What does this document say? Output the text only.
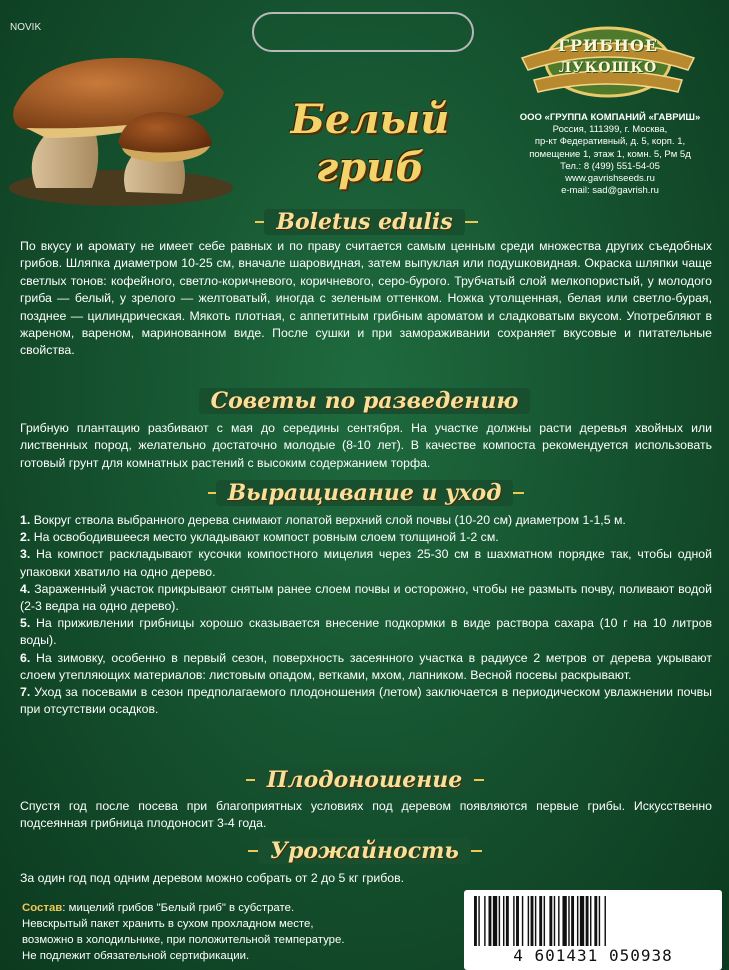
NOVIK
Белый
гриб
ГРИБНОЕ
ЛУКОШКО
ООО «ГРУППА КОМПАНИЙ «ГАВРИШ»
Россия, 111399, г. Москва,
пр-кт Федеративный, д. 5, корп. 1,
помещение 1, этаж 1, комн. 5, Рм 5д
Тел.: 8 (499) 551-54-05
www.gavrishseeds.ru
e-mail: sad@gavrish.ru
Boletus edulis
По вкусу и аромату не имеет себе равных и по праву считается самым ценным среди множества других съедобных грибов. Шляпка диаметром 10-25 см, вначале шаровидная, затем выпуклая или подушковидная. Окраска шляпки чаще светлых тонов: кофейного, светло-коричневого, коричневого, серо-бурого. Трубчатый слой мелкопористый, у молодого гриба — белый, у зрелого — желтоватый, иногда с зеленым оттенком. Ножка утолщенная, белая или светло-бурая, позднее — цилиндрическая. Мякоть плотная, с аппетитным грибным ароматом и сладковатым вкусом. Употребляют в жареном, вареном, маринованном виде. После сушки и при замораживании сохраняет вкусовые и питательные свойства.
Советы по разведению
Грибную плантацию разбивают с мая до середины сентября. На участке должны расти деревья хвойных или лиственных пород, желательно достаточно молодые (8-10 лет). В качестве компоста рекомендуется использовать готовый грунт для комнатных растений с высоким содержанием торфа.
Выращивание и уход
1. Вокруг ствола выбранного дерева снимают лопатой верхний слой почвы (10-20 см) диаметром 1-1,5 м.
2. На освободившееся место укладывают компост ровным слоем толщиной 1-2 см.
3. На компост раскладывают кусочки компостного мицелия через 25-30 см в шахматном порядке так, чтобы одной упаковки хватило на одно дерево.
4. Зараженный участок прикрывают снятым ранее слоем почвы и осторожно, чтобы не размыть почву, поливают водой (2-3 ведра на одно дерево).
5. На приживлении грибницы хорошо сказывается внесение подкормки в виде раствора сахара (10 г на 10 литров воды).
6. На зимовку, особенно в первый сезон, поверхность засеянного участка в радиусе 2 метров от дерева укрывают слоем утепляющих материалов: листовым опадом, ветками, мхом, лапником. Весной посевы раскрывают.
7. Уход за посевами в сезон предполагаемого плодоношения (летом) заключается в периодическом увлажнении почвы при отсутствии осадков.
Плодоношение
Спустя год после посева при благоприятных условиях под деревом появляются первые грибы. Искусственно подсеянная грибница плодоносит 3-4 года.
Урожайность
За один год под одним деревом можно собрать от 2 до 5 кг грибов.
Состав: мицелий грибов "Белый гриб" в субстрате.
Невскрытый пакет хранить в сухом прохладном месте,
возможно в холодильнике, при положительной температуре.
Не подлежит обязательной сертификации.	4 601431 050938
